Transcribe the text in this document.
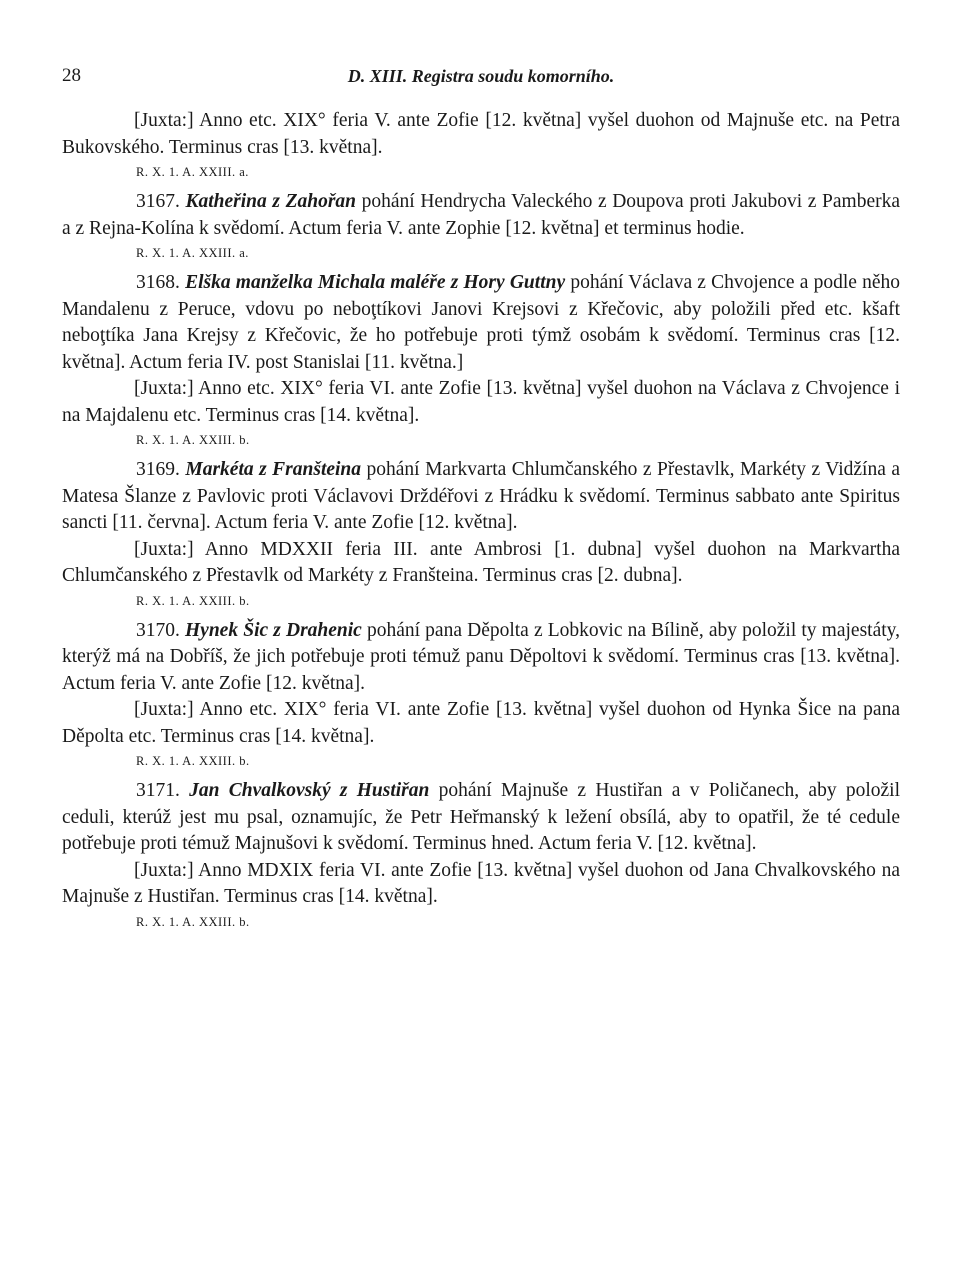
28	D. XIII. Registra soudu komorního.

[Juxta:] Anno etc. XIX° feria V. ante Zofie [12. května] vyšel duohon od Majnuše etc. na Petra Bukovského. Terminus cras [13. května].

R. X. 1. A. XXIII. a.

3167. Katheřina z Zahořan pohání Hendrycha Valeckého z Doupova proti Jakubovi z Pamberka a z Rejna-Kolína k svědomí. Actum feria V. ante Zophie [12. května] et terminus hodie.

R. X. 1. A. XXIII. a.

3168. Elška manželka Michala maléře z Hory Guttny pohání Václava z Chvojence a podle něho Mandalenu z Peruce, vdovu po neboţtíkovi Janovi Krejsovi z Křečovic, aby položili před etc. kšaft neboţtíka Jana Krejsy z Křečovic, že ho potřebuje proti týmž osobám k svědomí. Terminus cras [12. května]. Actum feria IV. post Stanislai [11. května.]

[Juxta:] Anno etc. XIX° feria VI. ante Zofie [13. května] vyšel duohon na Václava z Chvojence i na Majdalenu etc. Terminus cras [14. května].

R. X. 1. A. XXIII. b.

3169. Markéta z Franšteina pohání Markvarta Chlumčanského z Přestavlk, Markéty z Vidžína a Matesa Šlanze z Pavlovic proti Václavovi Drždéřovi z Hrádku k svědomí. Terminus sabbato ante Spiritus sancti [11. června]. Actum feria V. ante Zofie [12. května].

[Juxta:] Anno MDXXII feria III. ante Ambrosi [1. dubna] vyšel duohon na Markvartha Chlumčanského z Přestavlk od Markéty z Franšteina. Terminus cras [2. dubna].

R. X. 1. A. XXIII. b.

3170. Hynek Šic z Drahenic pohání pana Děpolta z Lobkovic na Bílině, aby položil ty majestáty, kterýž má na Dobříš, že jich potřebuje proti témuž panu Děpoltovi k svědomí. Terminus cras [13. května]. Actum feria V. ante Zofie [12. května].

[Juxta:] Anno etc. XIX° feria VI. ante Zofie [13. května] vyšel duohon od Hynka Šice na pana Děpolta etc. Terminus cras [14. května].

R. X. 1. A. XXIII. b.

3171. Jan Chvalkovský z Hustiřan pohání Majnuše z Hustiřan a v Poličanech, aby položil ceduli, kterúž jest mu psal, oznamujíc, že Petr Heřmanský k ležení obsílá, aby to opatřil, že té cedule potřebuje proti témuž Majnušovi k svědomí. Terminus hned. Actum feria V. [12. května].

[Juxta:] Anno MDXIX feria VI. ante Zofie [13. května] vyšel duohon od Jana Chvalkovského na Majnuše z Hustiřan. Terminus cras [14. května].

R. X. 1. A. XXIII. b.
